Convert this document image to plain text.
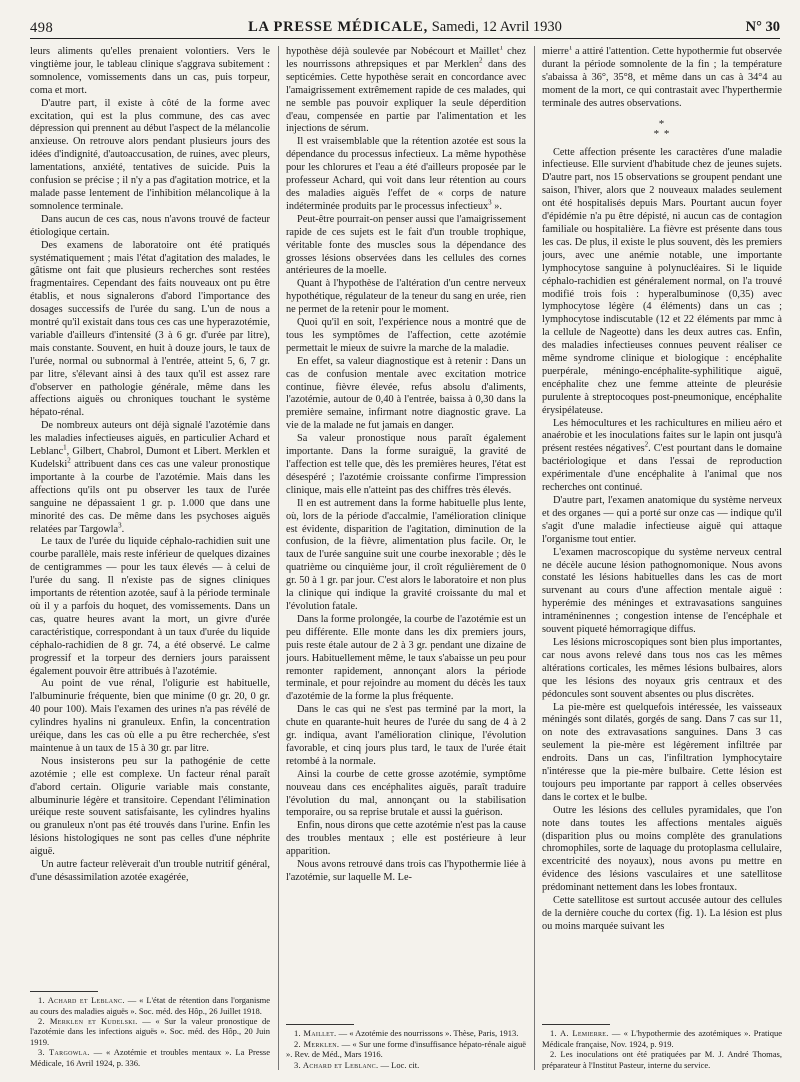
498	LA PRESSE MÉDICALE, Samedi, 12 Avril 1930	N° 30

leurs aliments qu'elles prenaient volontiers. Vers le vingtième jour, le tableau clinique s'aggrava subitement : somnolence, vomissements dans un cas, puis torpeur, coma et mort.

D'autre part, il existe à côté de la forme avec excitation, qui est la plus commune, des cas avec dépression qui prennent au début l'aspect de la mélancolie anxieuse. On retrouve alors pendant plusieurs jours des idées d'indignité, d'autoaccusation, de ruines, avec pleurs, lamentations, anxiété, tentatives de suicide. Puis la confusion se précise ; il n'y a pas d'agitation motrice, et la malade passe lentement de l'inhibition mélancolique à la somnolence terminale.

Dans aucun de ces cas, nous n'avons trouvé de facteur étiologique certain.

Des examens de laboratoire ont été pratiqués systématiquement ; mais l'état d'agitation des malades, le gâtisme ont fait que plusieurs recherches sont restées fragmentaires. Cependant des faits nouveaux ont pu être établis, et nous signalerons d'abord l'importance des dosages successifs de l'urée du sang. L'un de nous a montré qu'il existait dans tous ces cas une hyperazotémie, variable d'ailleurs d'intensité (3 à 6 gr. d'urée par litre), mais constante. Souvent, en huit à douze jours, le taux de l'urée, normal ou subnormal à l'entrée, atteint 5, 6, 7 gr. par litre, s'élevant ainsi à des taux qu'il est assez rare d'observer en pathologie générale, même dans les affections aiguës ou chroniques touchant le système hépato-rénal.

De nombreux auteurs ont déjà signalé l'azotémie dans les maladies infectieuses aiguës, en particulier Achard et Leblanc$^1$, Gilbert, Chabrol, Dumont et Libert. Merklen et Kudelski$^2$ attribuent dans ces cas une valeur pronostique importante à la courbe de l'azotémie. Mais dans les affections qu'ils ont pu observer les taux de l'urée sanguine ne dépassaient 1 gr. p. 1.000 que dans une minorité des cas. De même dans les psychoses aiguës relatées par Targowla$^3$.

Le taux de l'urée du liquide céphalo-rachidien suit une courbe parallèle, mais reste inférieur de quelques dizaines de centigrammes — pour les taux élevés — à celui de l'urée du sang. Il n'existe pas de signes cliniques importants de rétention azotée, sauf à la période terminale où il y a parfois du hoquet, des vomissements. Dans un cas, quatre heures avant la mort, un givre d'urée caractéristique, correspondant à un taux d'urée du liquide céphalo-rachidien de 8 gr. 74, a été observé. Le calme progressif et la torpeur des derniers jours paraissent également pouvoir être attribués à l'azotémie.

Au point de vue rénal, l'oligurie est habituelle, l'albuminurie fréquente, bien que minime (0 gr. 20, 0 gr. 40 pour 100). Mais l'examen des urines n'a pas révélé de cylindres hyalins ni granuleux. Enfin, la concentration uréique, dans les cas où elle a pu être recherchée, s'est maintenue à un taux de 15 à 30 gr. par litre.

Nous insisterons peu sur la pathogénie de cette azotémie ; elle est complexe. Un facteur rénal paraît d'abord certain. Oligurie variable mais constante, albuminurie légère et transitoire. Cependant l'élimination uréique reste souvent satisfaisante, les cylindres hyalins ou granuleux n'ont pas été trouvés dans l'urine. Enfin les lésions histologiques ne sont pas celles d'une néphrite aiguë.

Un autre facteur relèverait d'un trouble nutritif général, d'une désassimilation azotée exagérée,

1. Achard et Leblanc. — « L'état de rétention dans l'organisme au cours des maladies aiguës ». Soc. méd. des Hôp., 26 Juillet 1918.

2. Merklen et Kudelski. — « Sur la valeur pronostique de l'azotémie dans les infections aiguës ». Soc. méd. des Hôp., 20 Juin 1919.

3. Targowla. — « Azotémie et troubles mentaux ». La Presse Médicale, 16 Avril 1924, p. 336.

hypothèse déjà soulevée par Nobécourt et Maillet$^1$ chez les nourrissons athrepsiques et par Merklen$^2$ dans des septicémies. Cette hypothèse serait en concordance avec l'amaigrissement extrêmement rapide de ces malades, qui ne semble pas pouvoir expliquer la seule déperdition d'eau, compensée en partie par l'alimentation et les injections de sérum.

Il est vraisemblable que la rétention azotée est sous la dépendance du processus infectieux. La même hypothèse pour les chlorures et l'eau a été d'ailleurs proposée par le professeur Achard, qui voit dans leur rétention au cours des maladies aiguës l'effet de « corps de nature indéterminée produits par le processus infectieux$^3$ ».

Peut-être pourrait-on penser aussi que l'amaigrissement rapide de ces sujets est le fait d'un trouble trophique, véritable fonte des muscles sous la dépendance des grosses lésions observées dans les cellules des cornes antérieures de la moelle.

Quant à l'hypothèse de l'altération d'un centre nerveux hypothétique, régulateur de la teneur du sang en urée, rien ne permet de la retenir pour le moment.

Quoi qu'il en soit, l'expérience nous a montré que de tous les symptômes de l'affection, cette azotémie permettait le mieux de suivre la marche de la maladie.

En effet, sa valeur diagnostique est à retenir : Dans un cas de confusion mentale avec excitation motrice continue, fièvre élevée, refus absolu d'aliments, l'azotémie, autour de 0,40 à l'entrée, baissa à 0,30 dans la première semaine, infirmant notre diagnostic grave. La vie de la malade ne fut jamais en danger.

Sa valeur pronostique nous paraît également importante. Dans la forme suraiguë, la gravité de l'affection est telle que, dès les premières heures, l'état est désespéré ; l'azotémie croissante confirme l'impression clinique, mais elle n'atteint pas des chiffres très élevés.

Il en est autrement dans la forme habituelle plus lente, où, lors de la période d'accalmie, l'amélioration clinique est évidente, disparition de l'agitation, diminution de la confusion, de la fièvre, alimentation plus facile. Or, le taux de l'urée sanguine suit une courbe inexorable ; dès le quatrième ou cinquième jour, il croît régulièrement de 0 gr. 50 à 1 gr. par jour. C'est alors le laboratoire et non plus la clinique qui indique la gravité croissante du mal et l'évolution fatale.

Dans la forme prolongée, la courbe de l'azotémie est un peu différente. Elle monte dans les dix premiers jours, puis reste étale autour de 2 à 3 gr. pendant une dizaine de jours. Habituellement même, le taux s'abaisse un peu pour remonter rapidement, annonçant alors la période terminale, et pour rejoindre au moment du décès les taux d'azotémie de la forme la plus fréquente.

Dans le cas qui ne s'est pas terminé par la mort, la chute en quarante-huit heures de l'urée du sang de 4 à 2 gr. indiqua, avant l'amélioration clinique, l'évolution favorable, et cinq jours plus tard, le taux de l'urée était retombé à la normale.

Ainsi la courbe de cette grosse azotémie, symptôme nouveau dans ces encéphalites aiguës, paraît traduire l'évolution du mal, annonçant ou la stabilisation temporaire, ou sa reprise brutale et aussi la guérison.

Enfin, nous dirons que cette azotémie n'est pas la cause des troubles mentaux ; elle est postérieure à leur apparition.

Nous avons retrouvé dans trois cas l'hypothermie liée à l'azotémie, sur laquelle M. Le-

1. Maillet. — « Azotémie des nourrissons ». Thèse, Paris, 1913.

2. Merklen. — « Sur une forme d'insuffisance hépato-rénale aiguë ». Rev. de Méd., Mars 1916.

3. Achard et Leblanc. — Loc. cit.

mierre$^1$ a attiré l'attention. Cette hypothermie fut observée durant la période somnolente de la fin ; la température s'abaissa à 36°, 35°8, et même dans un cas à 34°4 au moment de la mort, ce qui contrastait avec l'hyperthermie terminale des autres observations.

*
* *

Cette affection présente les caractères d'une maladie infectieuse. Elle survient d'habitude chez de jeunes sujets. D'autre part, nos 15 observations se groupent pendant une saison, l'hiver, alors que 2 nouveaux malades seulement ont été hospitalisés depuis Mars. Pourtant aucun foyer d'épidémie n'a pu être dépisté, ni aucun cas de contagion familiale ou hospitalière. La fièvre est présente dans tous les cas. De plus, il existe le plus souvent, dès les premiers jours, avec une anémie notable, une importante lymphocytose sanguine à polynucléaires. Si le liquide céphalo-rachidien est généralement normal, on l'a trouvé modifié trois fois : hyperalbuminose (0,35) avec lymphocytose légère (4 éléments) dans un cas ; lymphocytose indiscutable (12 et 22 éléments par mmc à la cellule de Nageotte) dans les deux autres cas. Enfin, des maladies infectieuses connues peuvent réaliser ce même syndrome clinique et biologique : encéphalite puerpérale, méningo-encéphalite-syphilitique aiguë, encéphalite chez une femme atteinte de pleurésie purulente à streptocoques post-pneumonique, encéphalite érysipélateuse.

Les hémocultures et les rachicultures en milieu aéro et anaérobie et les inoculations faites sur le lapin ont jusqu'à présent restées négatives$^2$. C'est pourtant dans le domaine bactériologique et dans l'essai de reproduction expérimentale d'une encéphalite à l'animal que nos recherches ont continué.

D'autre part, l'examen anatomique du système nerveux et des organes — qui a porté sur onze cas — indique qu'il s'agit d'une maladie infectieuse aiguë qui attaque l'organisme tout entier.

L'examen macroscopique du système nerveux central ne décèle aucune lésion pathognomonique. Nous avons constaté les lésions habituelles dans les cas de mort survenant au cours d'une affection mentale aiguë : hyperémie des méninges et extravasations sanguines intraméninennes ; congestion intense de l'encéphale et souvent piqueté hémorragique diffus.

Les lésions microscopiques sont bien plus importantes, car nous avons relevé dans tous nos cas les mêmes altérations corticales, les mêmes lésions bulbaires, alors que les lésions des noyaux gris centraux et des pédoncules sont souvent absentes ou plus discrètes.

La pie-mère est quelquefois intéressée, les vaisseaux méningés sont dilatés, gorgés de sang. Dans 7 cas sur 11, on note des extravasations sanguines. Dans 3 cas seulement la pie-mère est légèrement infiltrée par endroits. Dans un cas, l'infiltration lymphocytaire n'intéresse que la pie-mère bulbaire. Cette lésion est toujours peu importante par rapport à celles observées dans le cortex et le bulbe.

Outre les lésions des cellules pyramidales, que l'on note dans toutes les affections mentales aiguës (disparition plus ou moins complète des granulations chromophiles, sorte de laquage du protoplasma cellulaire, excentricité des noyaux), nous avons pu mettre en évidence des lésions vasculaires et une satellitose prédominant nettement dans les lobes frontaux.

Cette satellitose est surtout accusée autour des cellules de la dernière couche du cortex (fig. 1). La lésion est plus ou moins marquée suivant les

1. A. Lemierre. — « L'hypothermie des azotémiques ». Pratique Médicale française, Nov. 1924, p. 919.

2. Les inoculations ont été pratiquées par M. J. André Thomas, préparateur à l'Institut Pasteur, interne du service.
